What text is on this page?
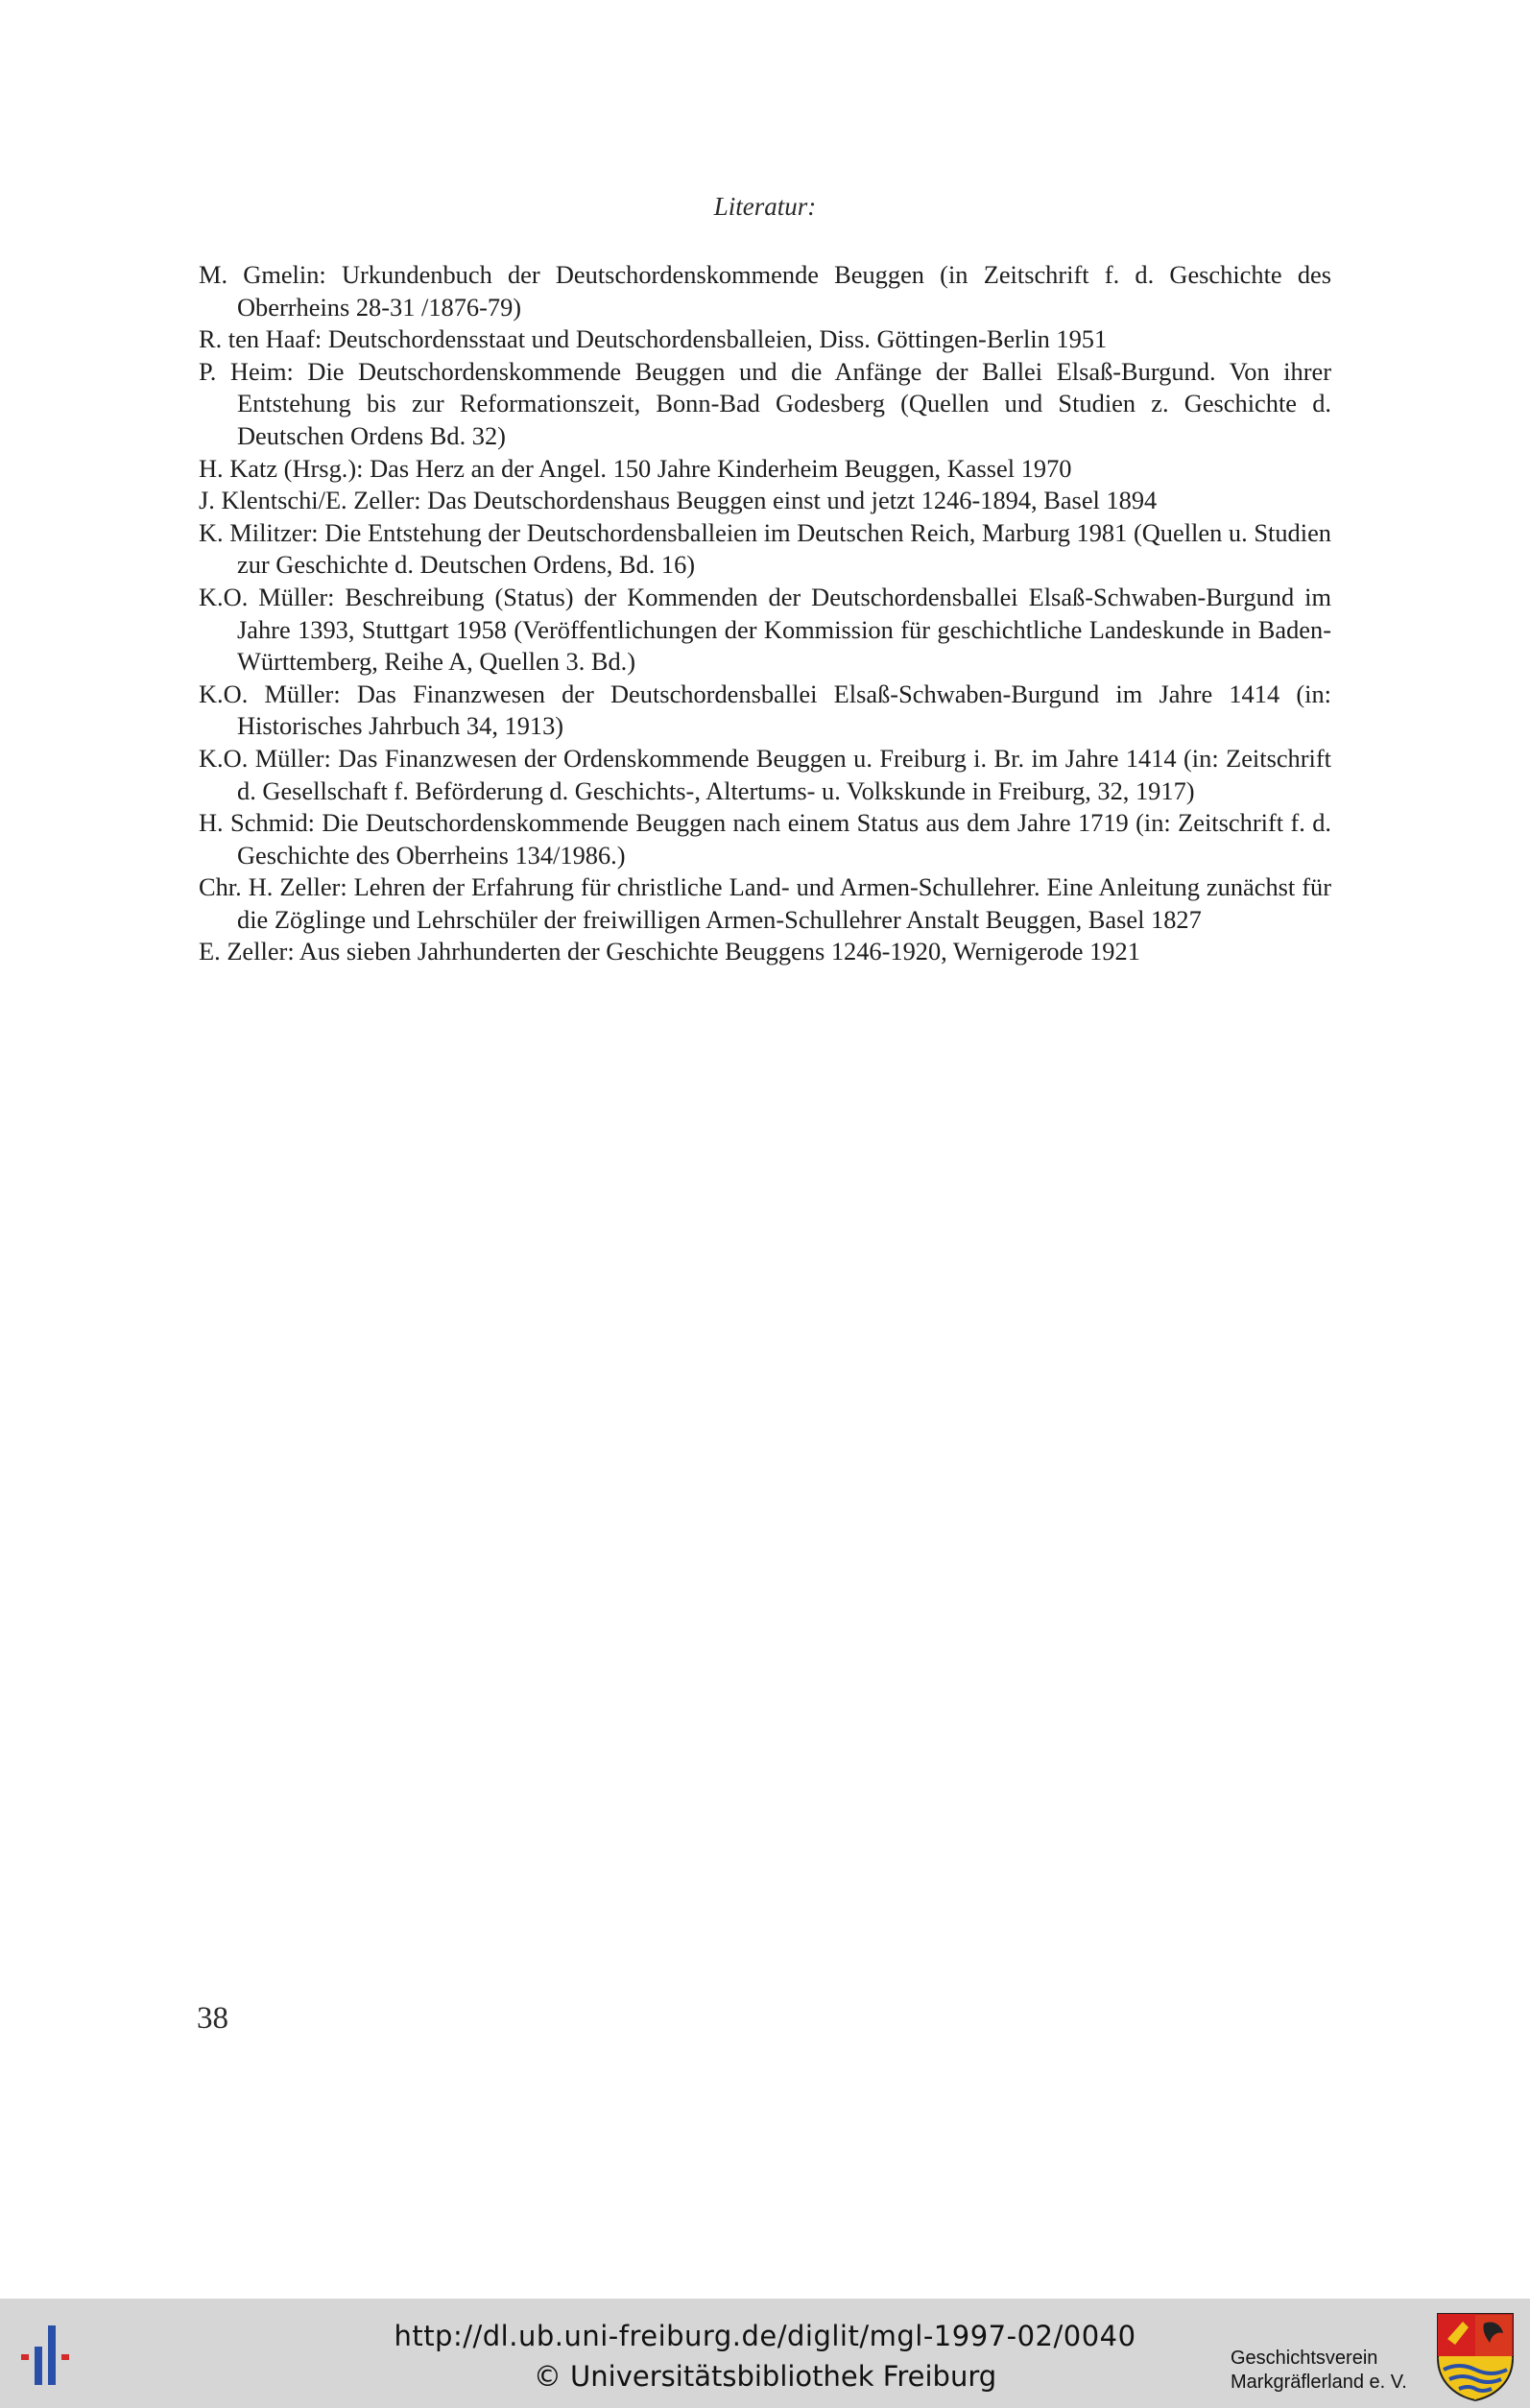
Literatur:
M. Gmelin: Urkundenbuch der Deutschordenskommende Beuggen (in Zeitschrift f. d. Geschichte des Oberrheins 28-31 /1876-79)
R. ten Haaf: Deutschordensstaat und Deutschordensballeien, Diss. Göttingen-Berlin 1951
P. Heim: Die Deutschordenskommende Beuggen und die Anfänge der Ballei Elsaß-Burgund. Von ihrer Entstehung bis zur Reformationszeit, Bonn-Bad Godesberg (Quellen und Studien z. Geschichte d. Deutschen Ordens Bd. 32)
H. Katz (Hrsg.): Das Herz an der Angel. 150 Jahre Kinderheim Beuggen, Kassel 1970
J. Klentschi/E. Zeller: Das Deutschordenshaus Beuggen einst und jetzt 1246-1894, Basel 1894
K. Militzer: Die Entstehung der Deutschordensballeien im Deutschen Reich, Marburg 1981 (Quellen u. Studien zur Geschichte d. Deutschen Ordens, Bd. 16)
K.O. Müller: Beschreibung (Status) der Kommenden der Deutschordensballei Elsaß-Schwaben-Burgund im Jahre 1393, Stuttgart 1958 (Veröffentlichungen der Kommission für geschichtliche Landeskunde in Baden-Württemberg, Reihe A, Quellen 3. Bd.)
K.O. Müller: Das Finanzwesen der Deutschordensballei Elsaß-Schwaben-Burgund im Jahre 1414 (in: Historisches Jahrbuch 34, 1913)
K.O. Müller: Das Finanzwesen der Ordenskommende Beuggen u. Freiburg i. Br. im Jahre 1414 (in: Zeitschrift d. Gesellschaft f. Beförderung d. Geschichts-, Altertums- u. Volkskunde in Freiburg, 32, 1917)
H. Schmid: Die Deutschordenskommende Beuggen nach einem Status aus dem Jahre 1719 (in: Zeitschrift f. d. Geschichte des Oberrheins 134/1986.)
Chr. H. Zeller: Lehren der Erfahrung für christliche Land- und Armen-Schullehrer. Eine Anleitung zunächst für die Zöglinge und Lehrschüler der freiwilligen Armen-Schullehrer Anstalt Beuggen, Basel 1827
E. Zeller: Aus sieben Jahrhunderten der Geschichte Beuggens 1246-1920, Wernigerode 1921
38
http://dl.ub.uni-freiburg.de/diglit/mgl-1997-02/0040
© Universitätsbibliothek Freiburg
Geschichtsverein
Markgräflerland e. V.
